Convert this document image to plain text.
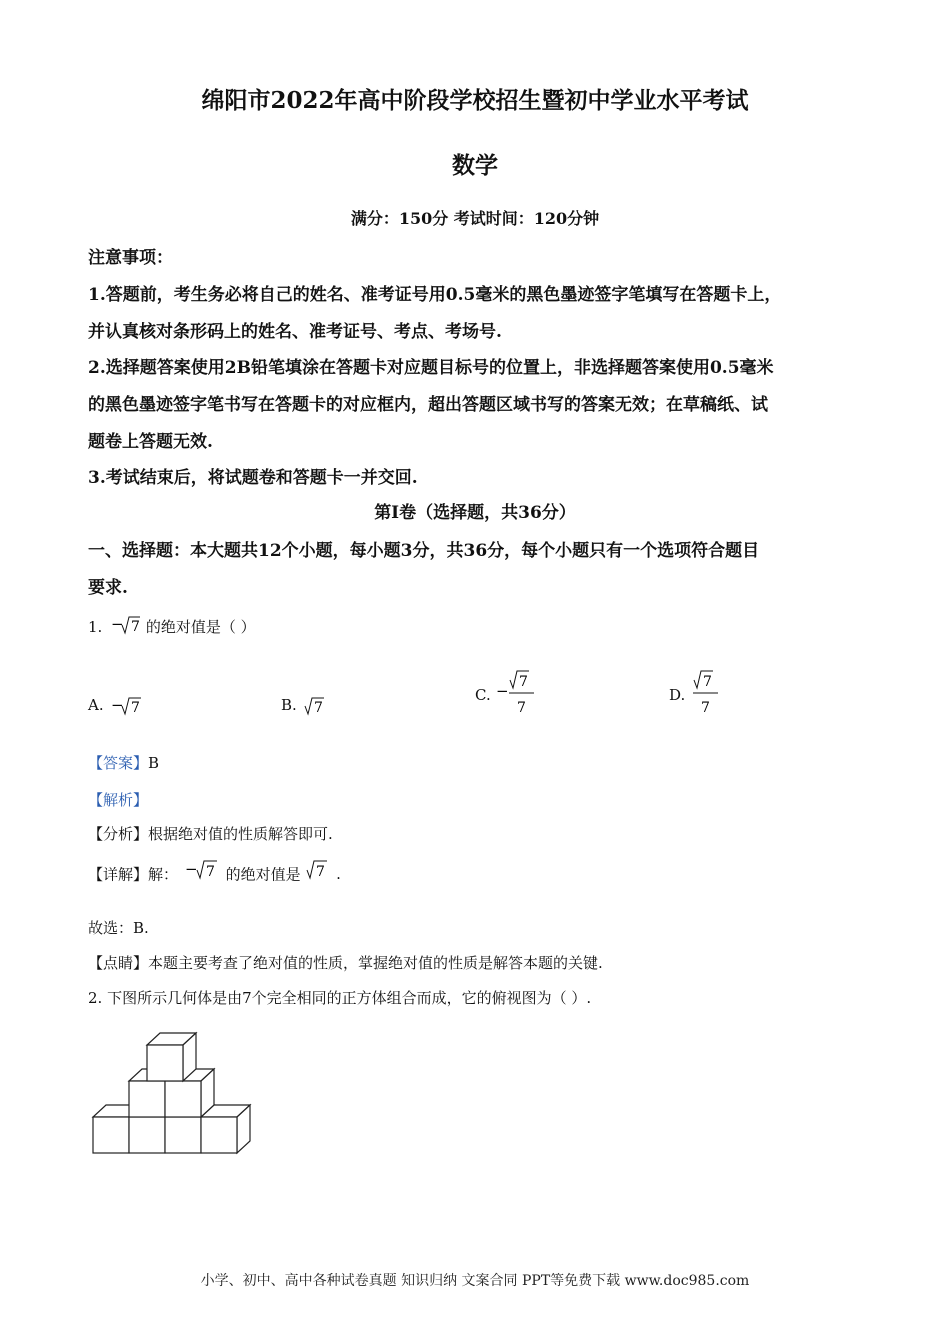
绵阳市2022年高中阶段学校招生暨初中学业水平考试
数学
满分：150分 考试时间：120分钟
注意事项：
1.答题前，考生务必将自己的姓名、准考证号用0.5毫米的黑色墨迹签字笔填写在答题卡上，
并认真核对条形码上的姓名、准考证号、考点、考场号.
2.选择题答案使用2B铅笔填涂在答题卡对应题目标号的位置上，非选择题答案使用0.5毫米
的黑色墨迹签字笔书写在答题卡的对应框内，超出答题区域书写的答案无效；在草稿纸、试
题卷上答题无效.
3.考试结束后，将试题卷和答题卡一并交回.
第Ⅰ卷（选择题，共36分）
一、选择题：本大题共12个小题，每小题3分，共36分，每个小题只有一个选项符合题目
要求.
1. − 7 的绝对值是（ ）
A. − 7	B. 7
C. − 7
7
D.
7
7
【答案】B
【解析】
【分析】根据绝对值的性质解答即可.
【详解】解： − 7 的绝对值是 7 .
故选：B.
【点睛】本题主要考查了绝对值的性质，掌握绝对值的性质是解答本题的关键.
2. 下图所示几何体是由7个完全相同的正方体组合而成，它的俯视图为（ ）.
小学、初中、高中各种试卷真题 知识归纳 文案合同 PPT等免费下载 www.doc985.com
